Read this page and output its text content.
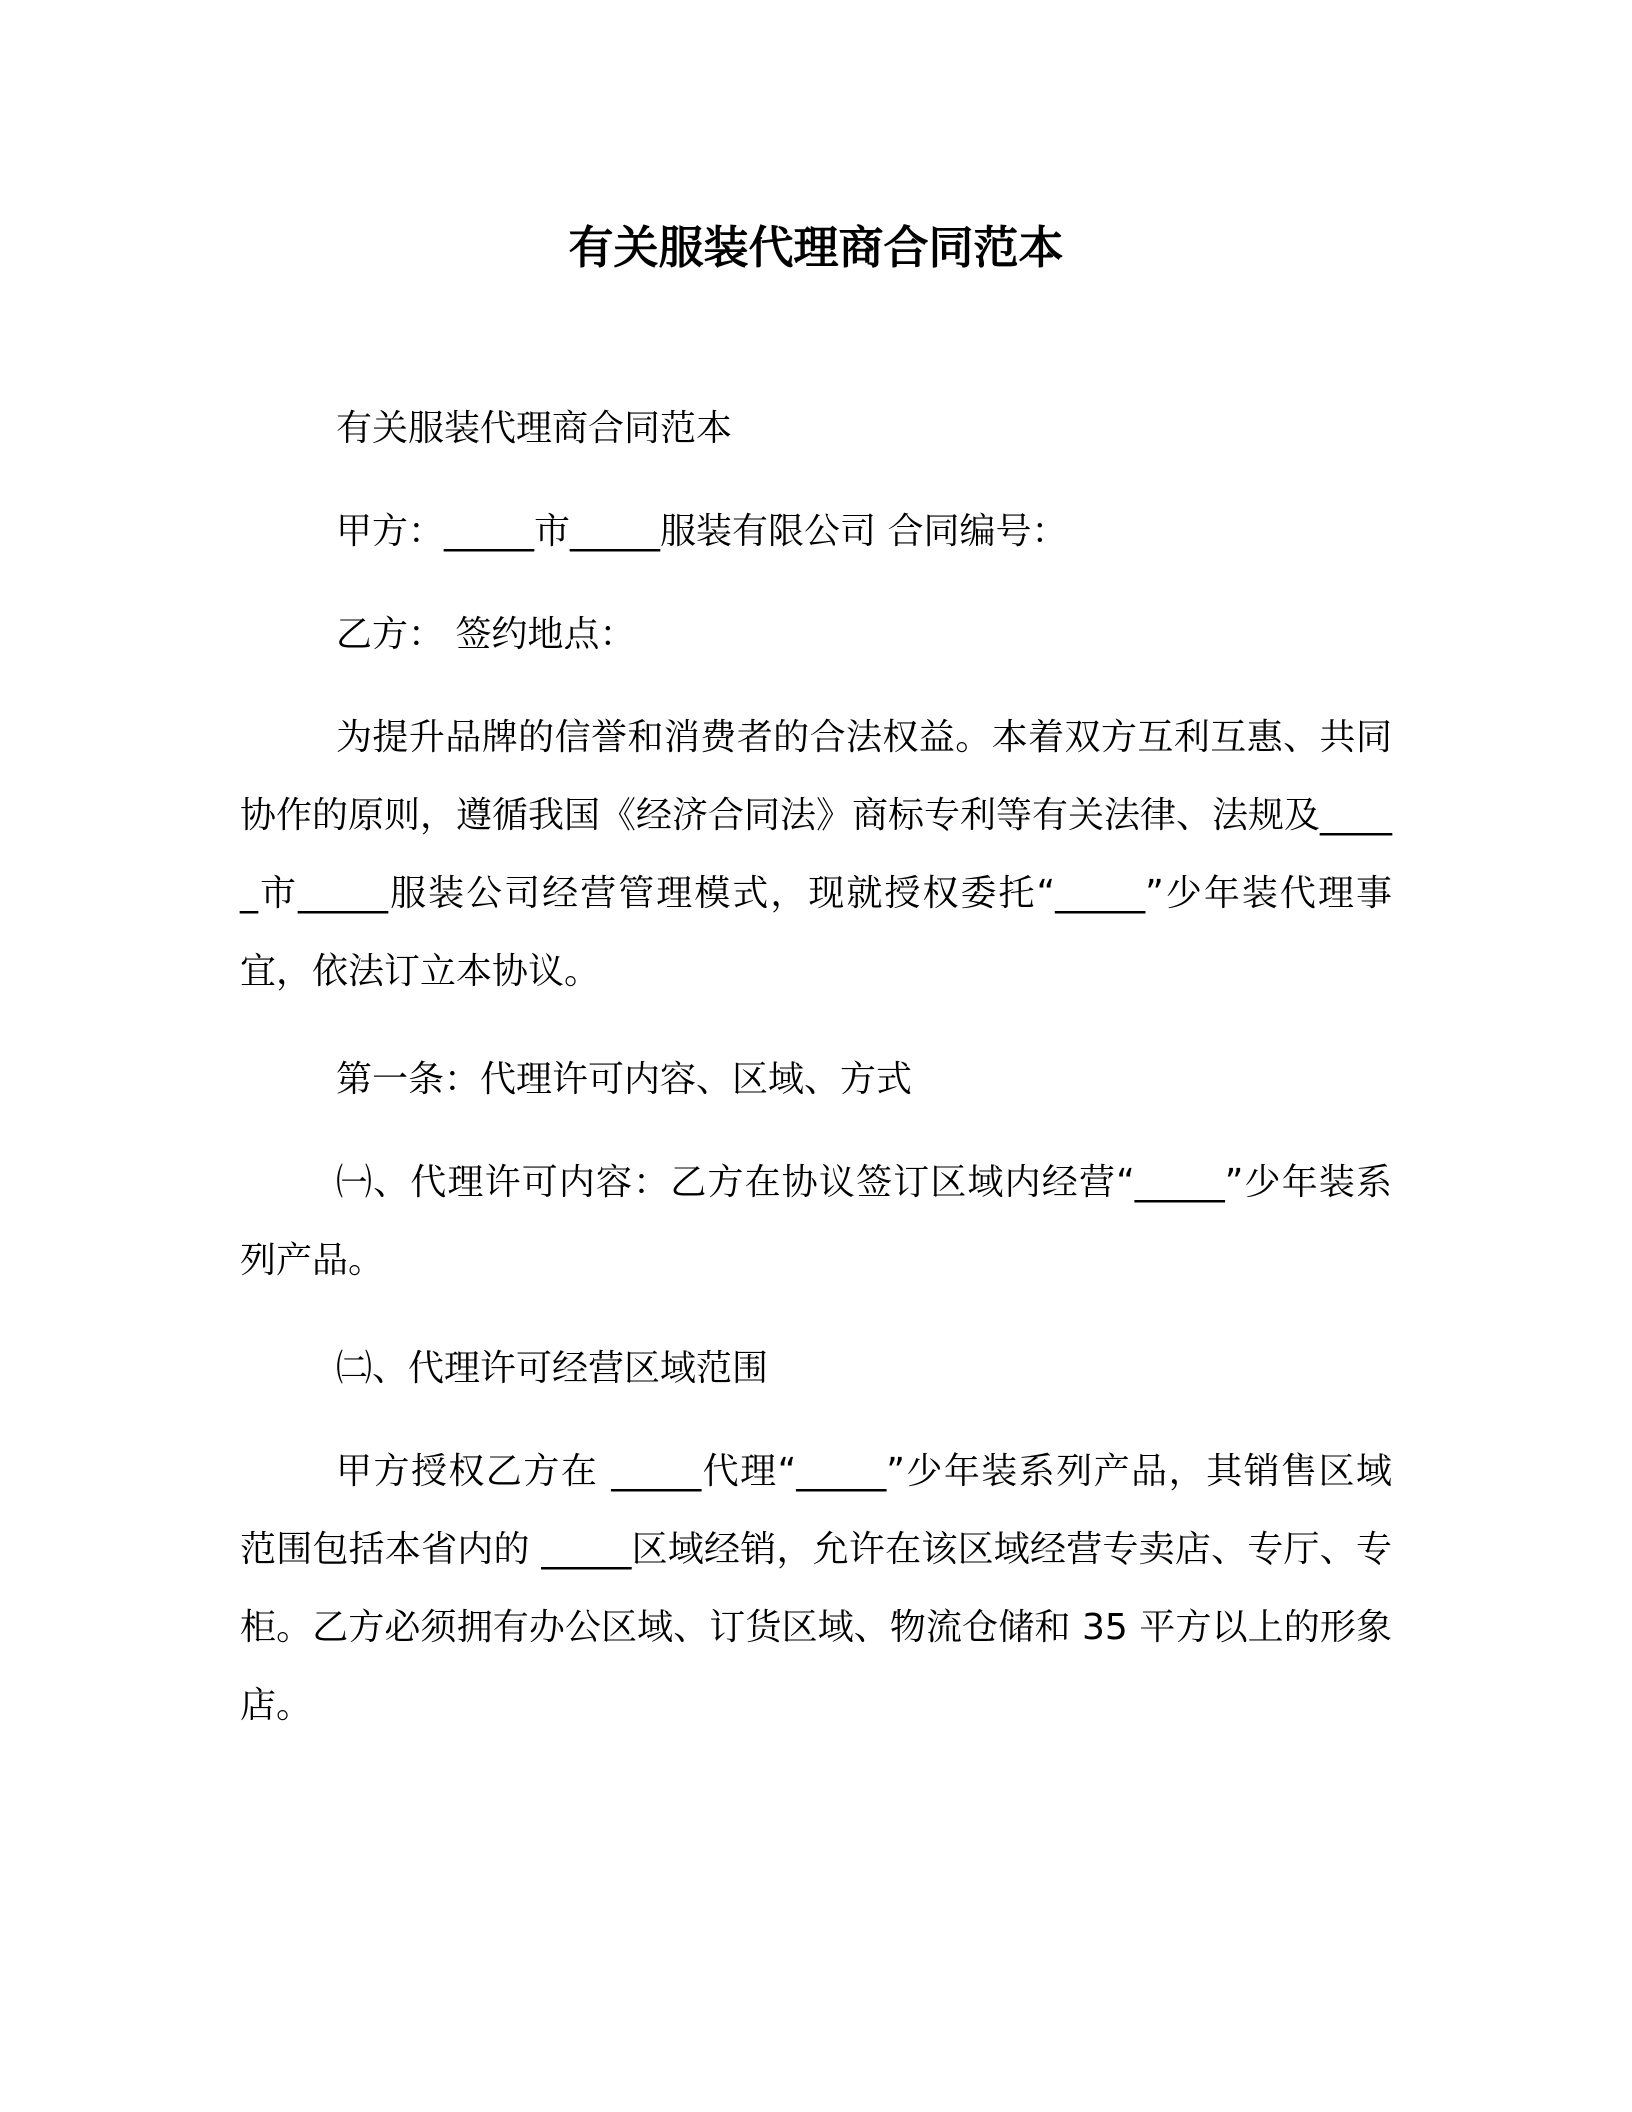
有关服装代理商合同范本

有关服装代理商合同范本

甲方：_____市_____服装有限公司 合同编号：

乙方： 签约地点：

为提升品牌的信誉和消费者的合法权益。本着双方互利互惠、共同协作的原则，遵循我国《经济合同法》商标专利等有关法律、法规及_____市_____服装公司经营管理模式，现就授权委托“_____”少年装代理事宜，依法订立本协议。

第一条：代理许可内容、区域、方式

㈠、代理许可内容：乙方在协议签订区域内经营“_____”少年装系列产品。

㈡、代理许可经营区域范围

甲方授权乙方在 _____代理“_____”少年装系列产品，其销售区域范围包括本省内的 _____区域经销，允许在该区域经营专卖店、专厅、专柜。乙方必须拥有办公区域、订货区域、物流仓储和 35 平方以上的形象店。
